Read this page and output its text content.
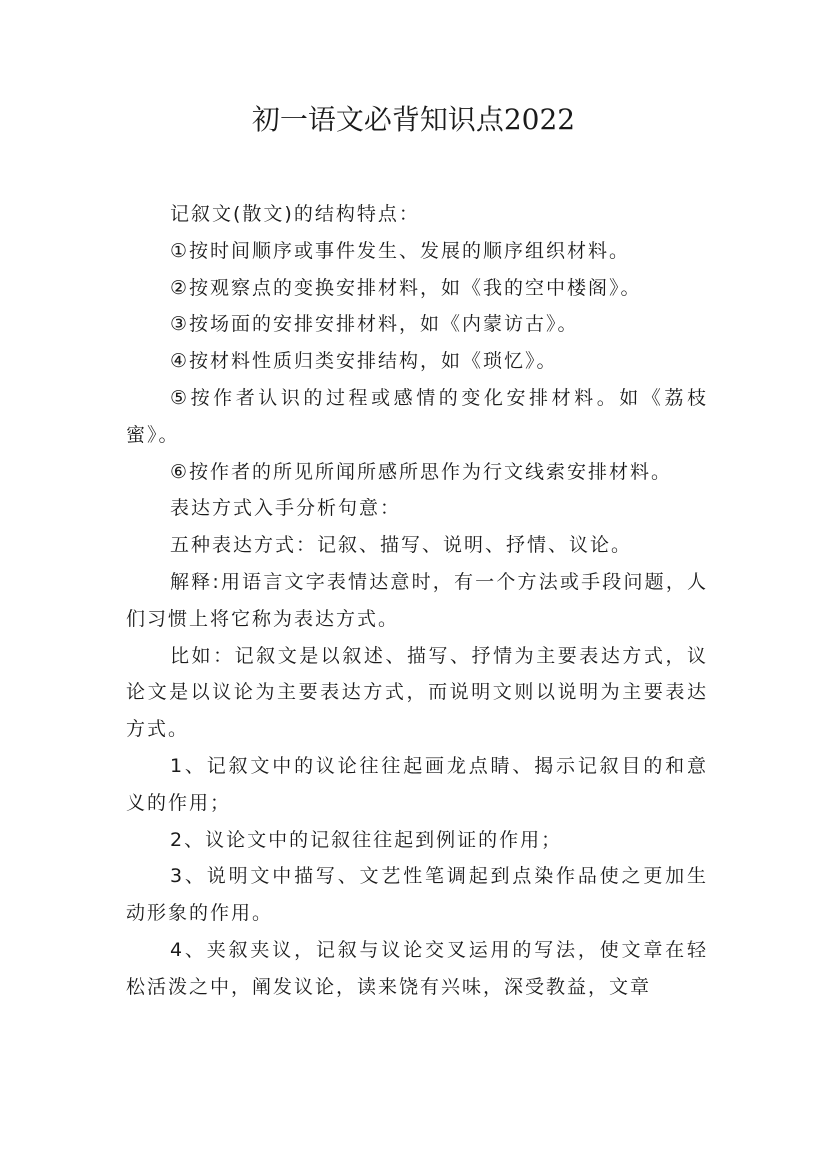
初一语文必背知识点2022

记叙文(散文)的结构特点：

①按时间顺序或事件发生、发展的顺序组织材料。

②按观察点的变换安排材料，如《我的空中楼阁》。

③按场面的安排安排材料，如《内蒙访古》。

④按材料性质归类安排结构，如《琐忆》。

⑤按作者认识的过程或感情的变化安排材料。如《荔枝蜜》。

⑥按作者的所见所闻所感所思作为行文线索安排材料。

表达方式入手分析句意：

五种表达方式：记叙、描写、说明、抒情、议论。

解释:用语言文字表情达意时，有一个方法或手段问题，人们习惯上将它称为表达方式。

比如：记叙文是以叙述、描写、抒情为主要表达方式，议论文是以议论为主要表达方式，而说明文则以说明为主要表达方式。

1、记叙文中的议论往往起画龙点睛、揭示记叙目的和意义的作用；

2、议论文中的记叙往往起到例证的作用；

3、说明文中描写、文艺性笔调起到点染作品使之更加生动形象的作用。

4、夹叙夹议，记叙与议论交叉运用的写法，使文章在轻松活泼之中，阐发议论，读来饶有兴味，深受教益，文章
